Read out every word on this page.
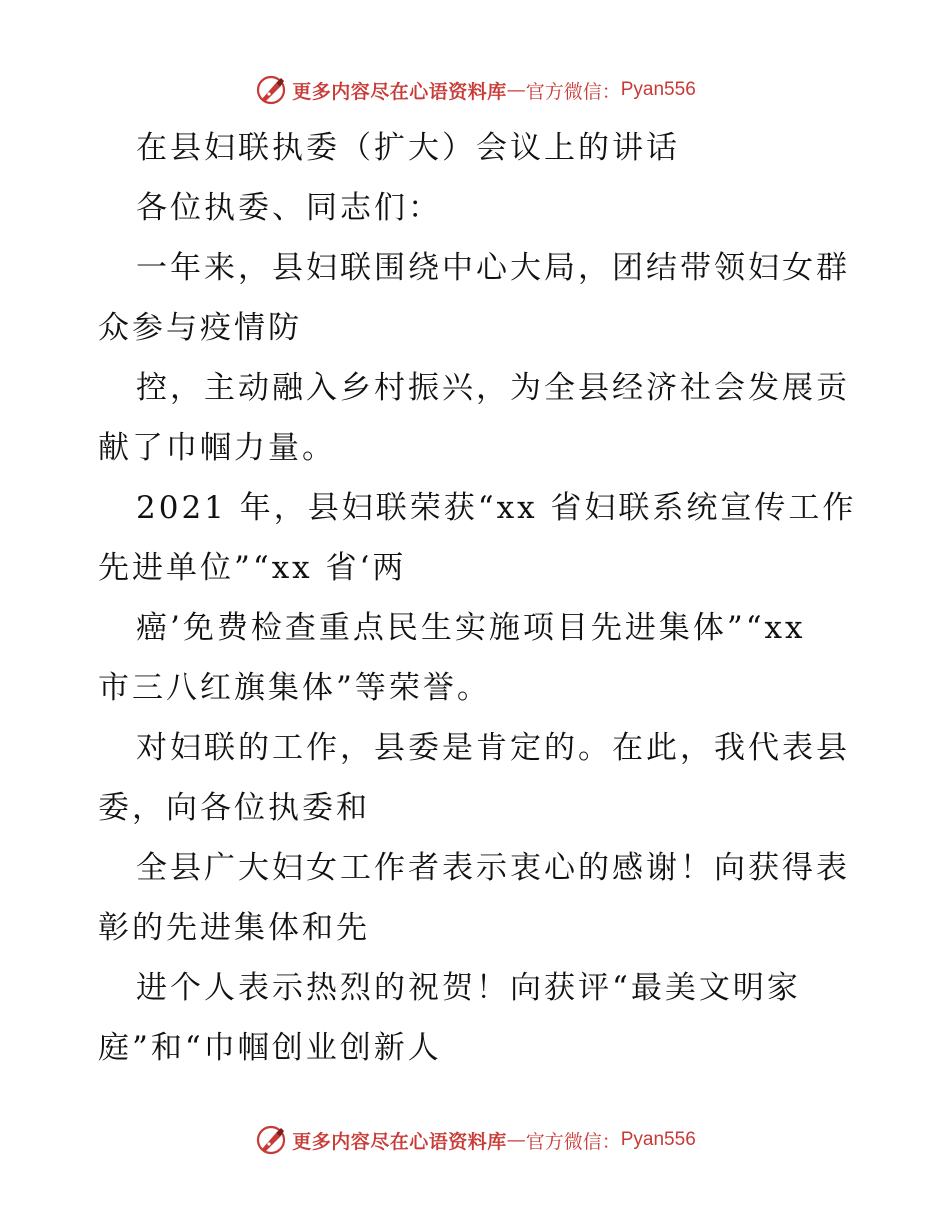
更多内容尽在心语资料库 — 官方微信： Pyan556
在县妇联执委（扩大）会议上的讲话
各位执委、同志们：
一年来，县妇联围绕中心大局，团结带领妇女群
众参与疫情防
控，主动融入乡村振兴，为全县经济社会发展贡
献了巾帼力量。
2021 年，县妇联荣获“xx 省妇联系统宣传工作
先进单位”“xx 省‘两
癌’免费检查重点民生实施项目先进集体”“xx
市三八红旗集体”等荣誉。
对妇联的工作，县委是肯定的。在此，我代表县
委，向各位执委和
全县广大妇女工作者表示衷心的感谢！向获得表
彰的先进集体和先
进个人表示热烈的祝贺！向获评“最美文明家
庭”和“巾帼创业创新人
更多内容尽在心语资料库 — 官方微信： Pyan556
